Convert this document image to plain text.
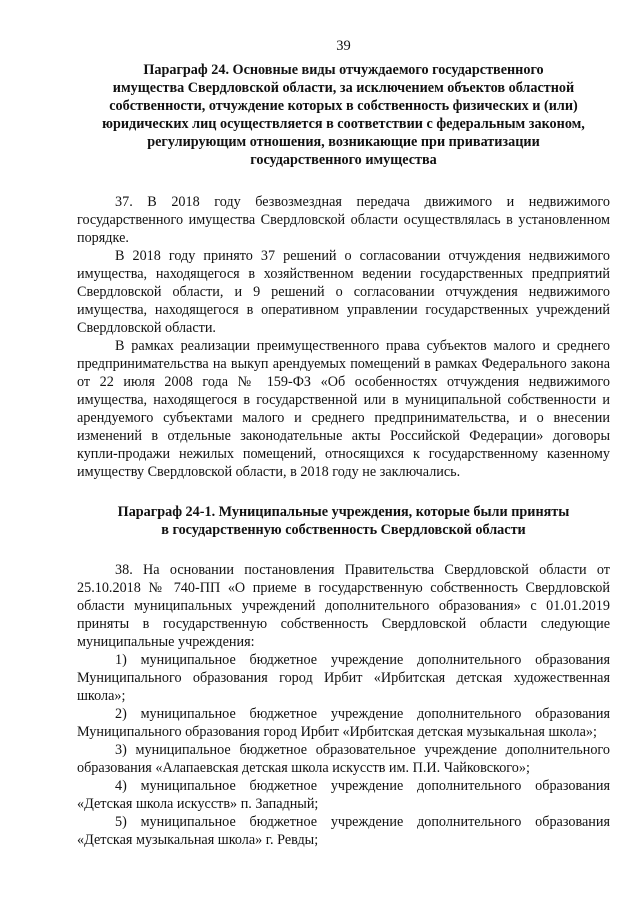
39
Параграф 24. Основные виды отчуждаемого государственного
имущества Свердловской области, за исключением объектов областной
собственности, отчуждение которых в собственность физических и (или)
юридических лиц осуществляется в соответствии с федеральным законом,
регулирующим отношения, возникающие при приватизации
государственного имущества

37. В 2018 году безвозмездная передача движимого и недвижимого государственного имущества Свердловской области осуществлялась в установленном порядке.

В 2018 году принято 37 решений о согласовании отчуждения недвижимого имущества, находящегося в хозяйственном ведении государственных предприятий Свердловской области, и 9 решений о согласовании отчуждения недвижимого имущества, находящегося в оперативном управлении государственных учреждений Свердловской области.

В рамках реализации преимущественного права субъектов малого и среднего предпринимательства на выкуп арендуемых помещений в рамках Федерального закона от 22 июля 2008 года № 159-ФЗ «Об особенностях отчуждения недвижимого имущества, находящегося в государственной или в муниципальной собственности и арендуемого субъектами малого и среднего предпринимательства, и о внесении изменений в отдельные законодательные акты Российской Федерации» договоры купли-продажи нежилых помещений, относящихся к государственному казенному имуществу Свердловской области, в 2018 году не заключались.

Параграф 24-1. Муниципальные учреждения, которые были приняты
в государственную собственность Свердловской области

38. На основании постановления Правительства Свердловской области от 25.10.2018 № 740-ПП «О приеме в государственную собственность Свердловской области муниципальных учреждений дополнительного образования» с 01.01.2019 приняты в государственную собственность Свердловской области следующие муниципальные учреждения:

1) муниципальное бюджетное учреждение дополнительного образования Муниципального образования город Ирбит «Ирбитская детская художественная школа»;

2) муниципальное бюджетное учреждение дополнительного образования Муниципального образования город Ирбит «Ирбитская детская музыкальная школа»;

3) муниципальное бюджетное образовательное учреждение дополнительного образования «Алапаевская детская школа искусств им. П.И. Чайковского»;

4) муниципальное бюджетное учреждение дополнительного образования «Детская школа искусств» п. Западный;

5) муниципальное бюджетное учреждение дополнительного образования «Детская музыкальная школа» г. Ревды;
